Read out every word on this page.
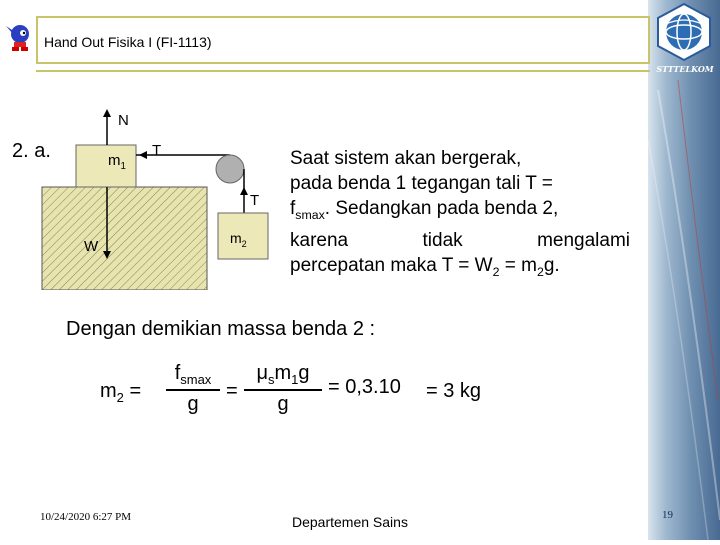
STTTELKOM
Hand Out Fisika I (FI-1113)
2. a.
N
$m_1$
T
T
W	$m_2$
Saat sistem akan bergerak,
pada benda 1 tegangan tali T =
$f_{smax}$. Sedangkan pada benda 2,

karena	tidak	mengalami
percepatan maka $T = W_2 = m_2g$.
Dengan demikian massa benda 2 :
$m_2$ =
$f_{smax}$
g
=
$\mu_sm_1g$
g
= 0,3.10 = 3 kg
10/24/2020 6:27 PM	Departemen Sains	19
